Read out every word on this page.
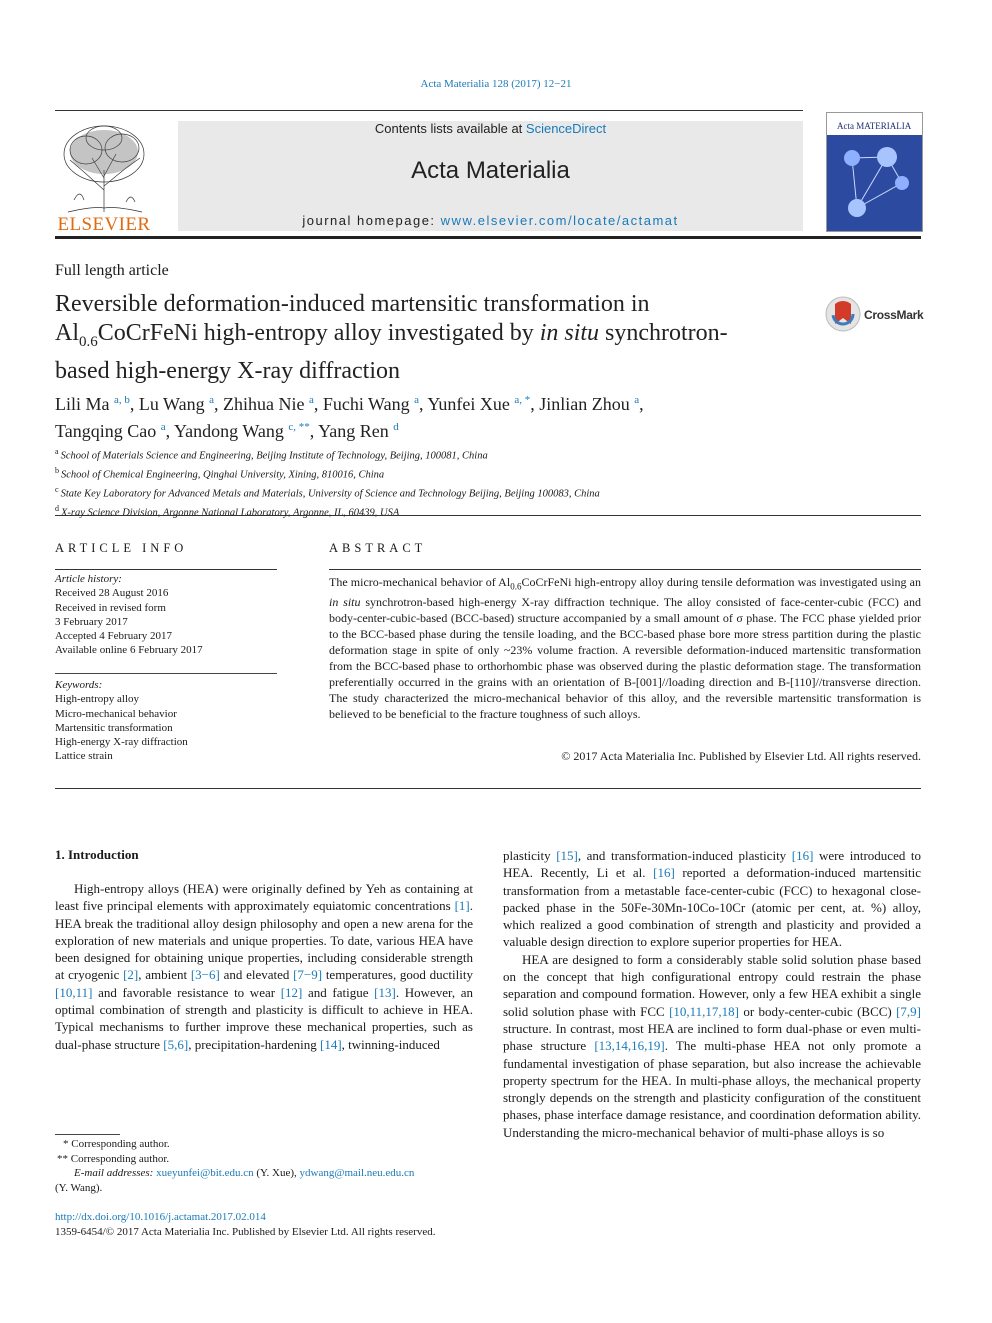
Acta Materialia 128 (2017) 12−21
ELSEVIER
Contents lists available at ScienceDirect
Acta Materialia
journal homepage: www.elsevier.com/locate/actamat
Acta MATERIALIA
Full length article
Reversible deformation-induced martensitic transformation in
$Al_{0.6}CoCrFeNi$ high-entropy alloy investigated by in situ synchrotron-
based high-energy X-ray diffraction
CrossMark
Lili Ma $^{a, b}$, Lu Wang $^a$, Zhihua Nie $^a$, Fuchi Wang $^a$, Yunfei Xue $^{a, *}$, Jinlian Zhou $^a$,
Tangqing Cao $^a$, Yandong Wang $^{c, **}$, Yang Ren $^d$
$^a$ School of Materials Science and Engineering, Beijing Institute of Technology, Beijing, 100081, China
$^b$ School of Chemical Engineering, Qinghai University, Xining, 810016, China
$^c$ State Key Laboratory for Advanced Metals and Materials, University of Science and Technology Beijing, Beijing 100083, China
$^d$ X-ray Science Division, Argonne National Laboratory, Argonne, IL, 60439, USA
ARTICLE INFO	ABSTRACT
Article history:
Received 28 August 2016
Received in revised form
3 February 2017
Accepted 4 February 2017
Available online 6 February 2017
Keywords:
High-entropy alloy
Micro-mechanical behavior
Martensitic transformation
High-energy X-ray diffraction
Lattice strain
The micro-mechanical behavior of $Al_{0.6}CoCrFeNi$ high-entropy alloy during tensile deformation was investigated using an in situ synchrotron-based high-energy X-ray diffraction technique. The alloy consisted of face-center-cubic (FCC) and body-center-cubic-based (BCC-based) structure accompanied by a small amount of σ phase. The FCC phase yielded prior to the BCC-based phase during the tensile loading, and the BCC-based phase bore more stress partition during the plastic deformation stage in spite of only ~23% volume fraction. A reversible deformation-induced martensitic transformation from the BCC-based phase to orthorhombic phase was observed during the plastic deformation stage. The transformation preferentially occurred in the grains with an orientation of B-[001]//loading direction and B-[110]//transverse direction. The study characterized the micro-mechanical behavior of this alloy, and the reversible martensitic transformation is believed to be beneficial to the fracture toughness of such alloys.
© 2017 Acta Materialia Inc. Published by Elsevier Ltd. All rights reserved.
1. Introduction

High-entropy alloys (HEA) were originally defined by Yeh as containing at least five principal elements with approximately equiatomic concentrations [1]. HEA break the traditional alloy design philosophy and open a new arena for the exploration of new materials and unique properties. To date, various HEA have been designed for obtaining unique properties, including considerable strength at cryogenic [2], ambient [3−6] and elevated [7−9] temperatures, good ductility [10,11] and favorable resistance to wear [12] and fatigue [13]. However, an optimal combination of strength and plasticity is difficult to achieve in HEA. Typical mechanisms to further improve these mechanical properties, such as dual-phase structure [5,6], precipitation-hardening [14], twinning-induced

plasticity [15], and transformation-induced plasticity [16] were introduced to HEA. Recently, Li et al. [16] reported a deformation-induced martensitic transformation from a metastable face-center-cubic (FCC) to hexagonal close-packed phase in the 50Fe-30Mn-10Co-10Cr (atomic per cent, at. %) alloy, which realized a good combination of strength and plasticity and provided a valuable design direction to explore superior properties for HEA.

HEA are designed to form a considerably stable solid solution phase based on the concept that high configurational entropy could restrain the phase separation and compound formation. However, only a few HEA exhibit a single solid solution phase with FCC [10,11,17,18] or body-center-cubic (BCC) [7,9] structure. In contrast, most HEA are inclined to form dual-phase or even multi-phase structure [13,14,16,19]. The multi-phase HEA not only promote a fundamental investigation of phase separation, but also increase the achievable property spectrum for the HEA. In multi-phase alloys, the mechanical property strongly depends on the strength and plasticity configuration of the constituent phases, phase interface damage resistance, and coordination deformation ability. Understanding the micro-mechanical behavior of multi-phase alloys is so

* Corresponding author.
** Corresponding author.
E-mail addresses: xueyunfei@bit.edu.cn (Y. Xue), ydwang@mail.neu.edu.cn
(Y. Wang).
http://dx.doi.org/10.1016/j.actamat.2017.02.014
1359-6454/© 2017 Acta Materialia Inc. Published by Elsevier Ltd. All rights reserved.
